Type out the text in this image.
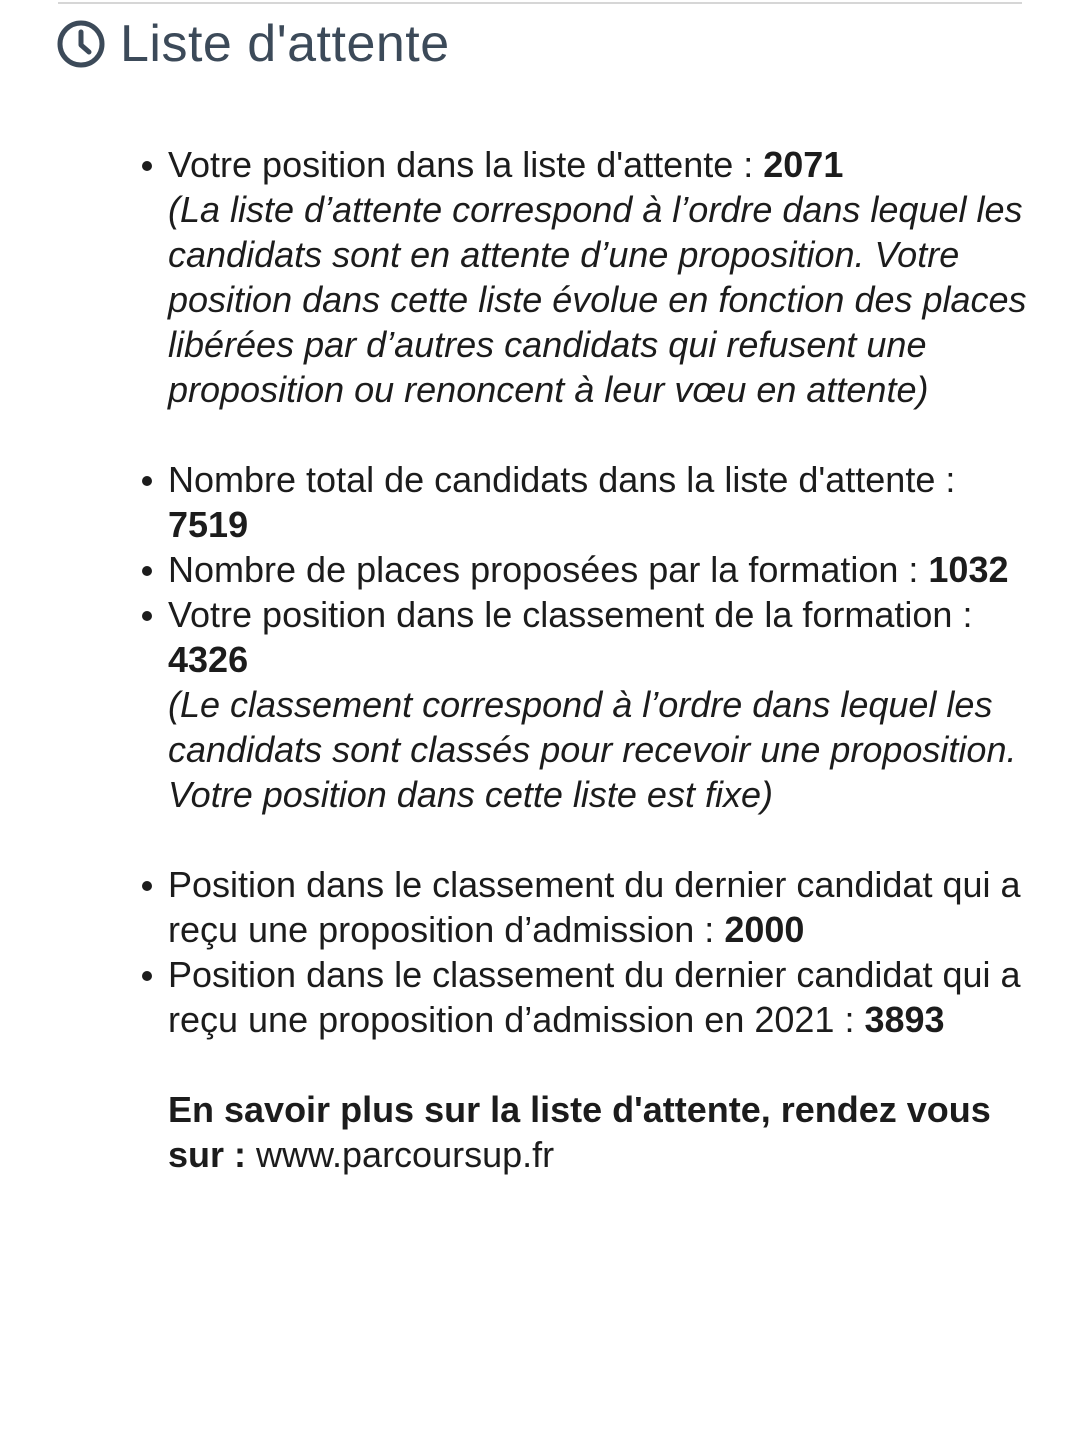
Liste d'attente
Votre position dans la liste d'attente : 2071
(La liste d’attente correspond à l’ordre dans lequel les candidats sont en attente d’une proposition. Votre position dans cette liste évolue en fonction des places libérées par d’autres candidats qui refusent une proposition ou renoncent à leur vœu en attente)
Nombre total de candidats dans la liste d'attente : 7519
Nombre de places proposées par la formation : 1032
Votre position dans le classement de la formation : 4326
(Le classement correspond à l’ordre dans lequel les candidats sont classés pour recevoir une proposition. Votre position dans cette liste est fixe)
Position dans le classement du dernier candidat qui a reçu une proposition d’admission : 2000
Position dans le classement du dernier candidat qui a reçu une proposition d’admission en 2021 : 3893
En savoir plus sur la liste d'attente, rendez vous sur : www.parcoursup.fr
